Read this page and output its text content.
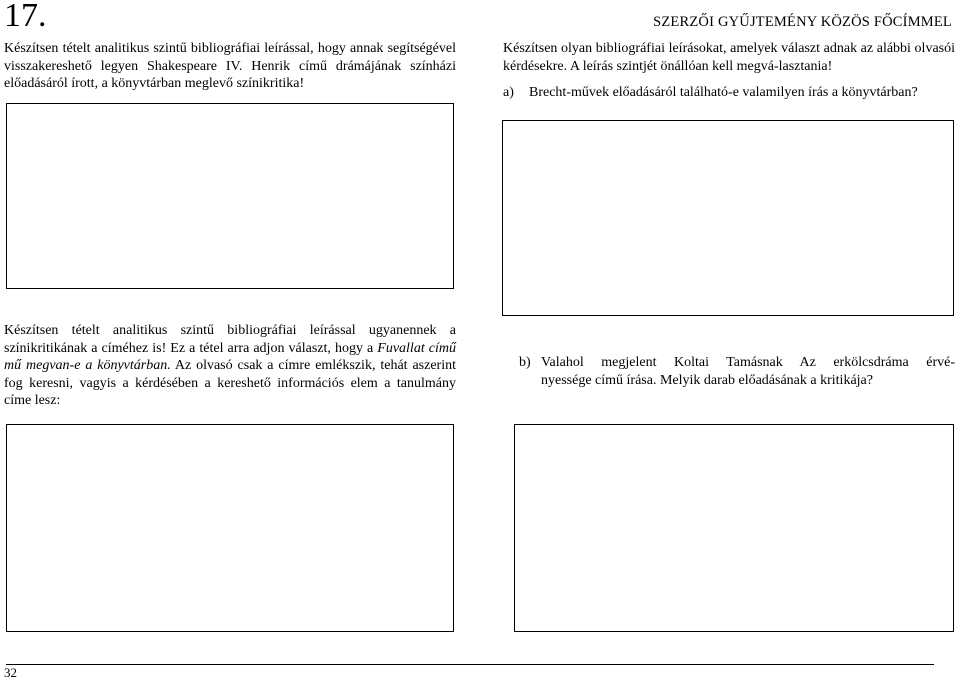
17.	SZERZŐI GYŰJTEMÉNY KÖZÖS FŐCÍMMEL
Készítsen tételt analitikus szintű bibliográfiai leírással, hogy annak segítségével visszakereshető legyen Shakespeare IV. Henrik című drámájának színházi előadásáról írott, a könyvtárban meglevő színikritika!
Készítsen olyan bibliográfiai leírásokat, amelyek választ adnak az alábbi olvasói kérdésekre. A leírás szintjét önállóan kell megvá-lasztania!
a)	Brecht-művek előadásáról található-e valamilyen írás a könyvtárban?
Készítsen tételt analitikus szintű bibliográfiai leírással ugyanennek a színikritikának a címéhez is! Ez a tétel arra adjon választ, hogy a Fuvallat című mű megvan-e a könyvtárban. Az olvasó csak a címre emlékszik, tehát aszerint fog keresni, vagyis a kérdésében a kereshető információs elem a tanulmány címe lesz:
b) Valahol megjelent Koltai Tamásnak Az erkölcsdráma érvé-
nyessége című írása. Melyik darab előadásának a kritikája?
32
